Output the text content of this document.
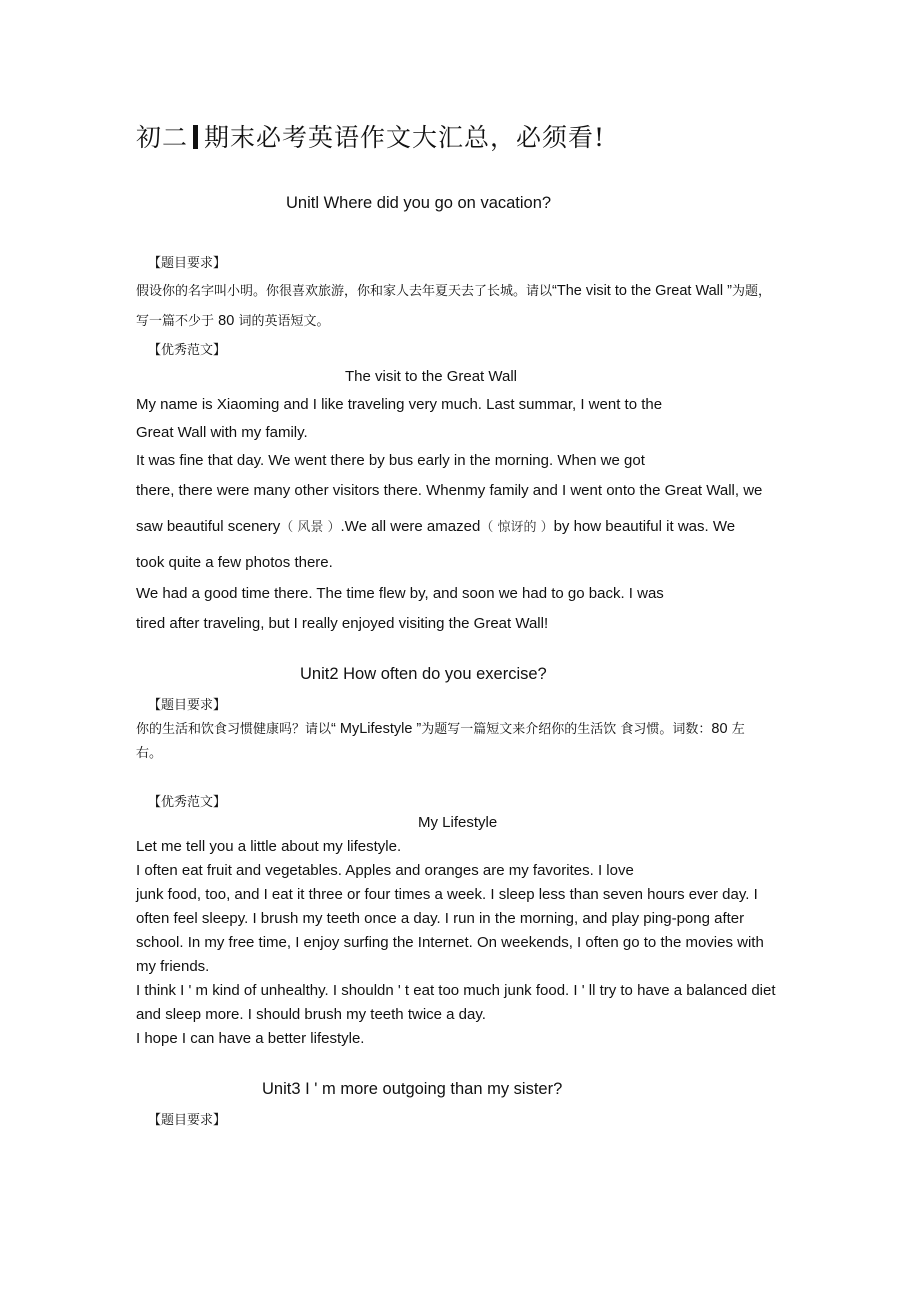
初二 期末必考英语作文大汇总，必须看!
Unitl Where did you go on vacation?
【题目要求】
假设你的名字叫小明。你很喜欢旅游，你和家人去年夏天去了长城。请以“The visit to the Great Wall ”为题，
写一篇不少于 80 词的英语短文。
【优秀范文】
The visit to the Great Wall
My name is Xiaoming and I like traveling very much. Last summar, I went to the
Great Wall with my family.
It was fine that day. We went there by bus early in the morning. When we got
there, there were many other visitors there. Whenmy family and I went onto the Great Wall, we
saw beautiful scenery（ 风景 ）.We all were amazed（ 惊讶的 ）by how beautiful it was. We
took quite a few photos there.
We had a good time there. The time flew by, and soon we had to go back. I was
tired after traveling, but I really enjoyed visiting the Great Wall!
Unit2 How often do you exercise?
【题目要求】
你的生活和饮食习惯健康吗？请以“ MyLifestyle ”为题写一篇短文来介绍你的生活饮 食习惯。词数：80 左
右。
【优秀范文】
My Lifestyle
Let me tell you a little about my lifestyle.
I often eat fruit and vegetables. Apples and oranges are my favorites. I love
junk food, too, and I eat it three or four times a week. I sleep less than seven hours ever day. I
often feel sleepy. I brush my teeth once a day. I run in the morning, and play ping-pong after
school. In my free time, I enjoy surfing the Internet. On weekends, I often go to the movies with
my friends.
I think I ' m kind of unhealthy. I shouldn ' t eat too much junk food. I ' ll try to have a balanced diet
and sleep more. I should brush my teeth twice a day.
I hope I can have a better lifestyle.
Unit3 I ' m more outgoing than my sister?
【题目要求】
